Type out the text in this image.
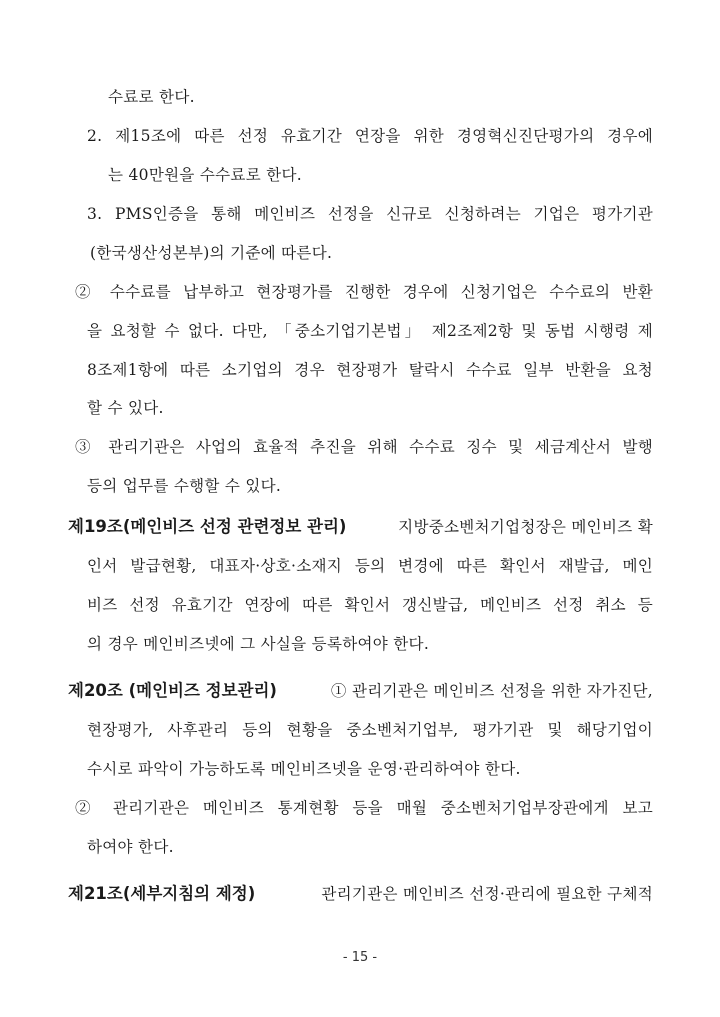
수료로 한다.
2. 제15조에 따른 선정 유효기간 연장을 위한 경영혁신진단평가의 경우에
는 40만원을 수수료로 한다.
3. PMS인증을 통해 메인비즈 선정을 신규로 신청하려는 기업은 평가기관
(한국생산성본부)의 기준에 따른다.
② 수수료를 납부하고 현장평가를 진행한 경우에 신청기업은 수수료의 반환
을 요청할 수 없다. 다만, 「중소기업기본법」 제2조제2항 및 동법 시행령 제
8조제1항에 따른 소기업의 경우 현장평가 탈락시 수수료 일부 반환을 요청
할 수 있다.
③ 관리기관은 사업의 효율적 추진을 위해 수수료 징수 및 세금계산서 발행
등의 업무를 수행할 수 있다.
제19조(메인비즈 선정 관련정보 관리)	지방중소벤처기업청장은 메인비즈 확
인서 발급현황, 대표자·상호·소재지 등의 변경에 따른 확인서 재발급, 메인
비즈 선정 유효기간 연장에 따른 확인서 갱신발급, 메인비즈 선정 취소 등
의 경우 메인비즈넷에 그 사실을 등록하여야 한다.
제20조 (메인비즈 정보관리)	① 관리기관은 메인비즈 선정을 위한 자가진단,
현장평가, 사후관리 등의 현황을 중소벤처기업부, 평가기관 및 해당기업이
수시로 파악이 가능하도록 메인비즈넷을 운영·관리하여야 한다.
② 관리기관은 메인비즈 통계현황 등을 매월 중소벤처기업부장관에게 보고
하여야 한다.
제21조(세부지침의 제정)	관리기관은 메인비즈 선정·관리에 필요한 구체적
- 15 -
